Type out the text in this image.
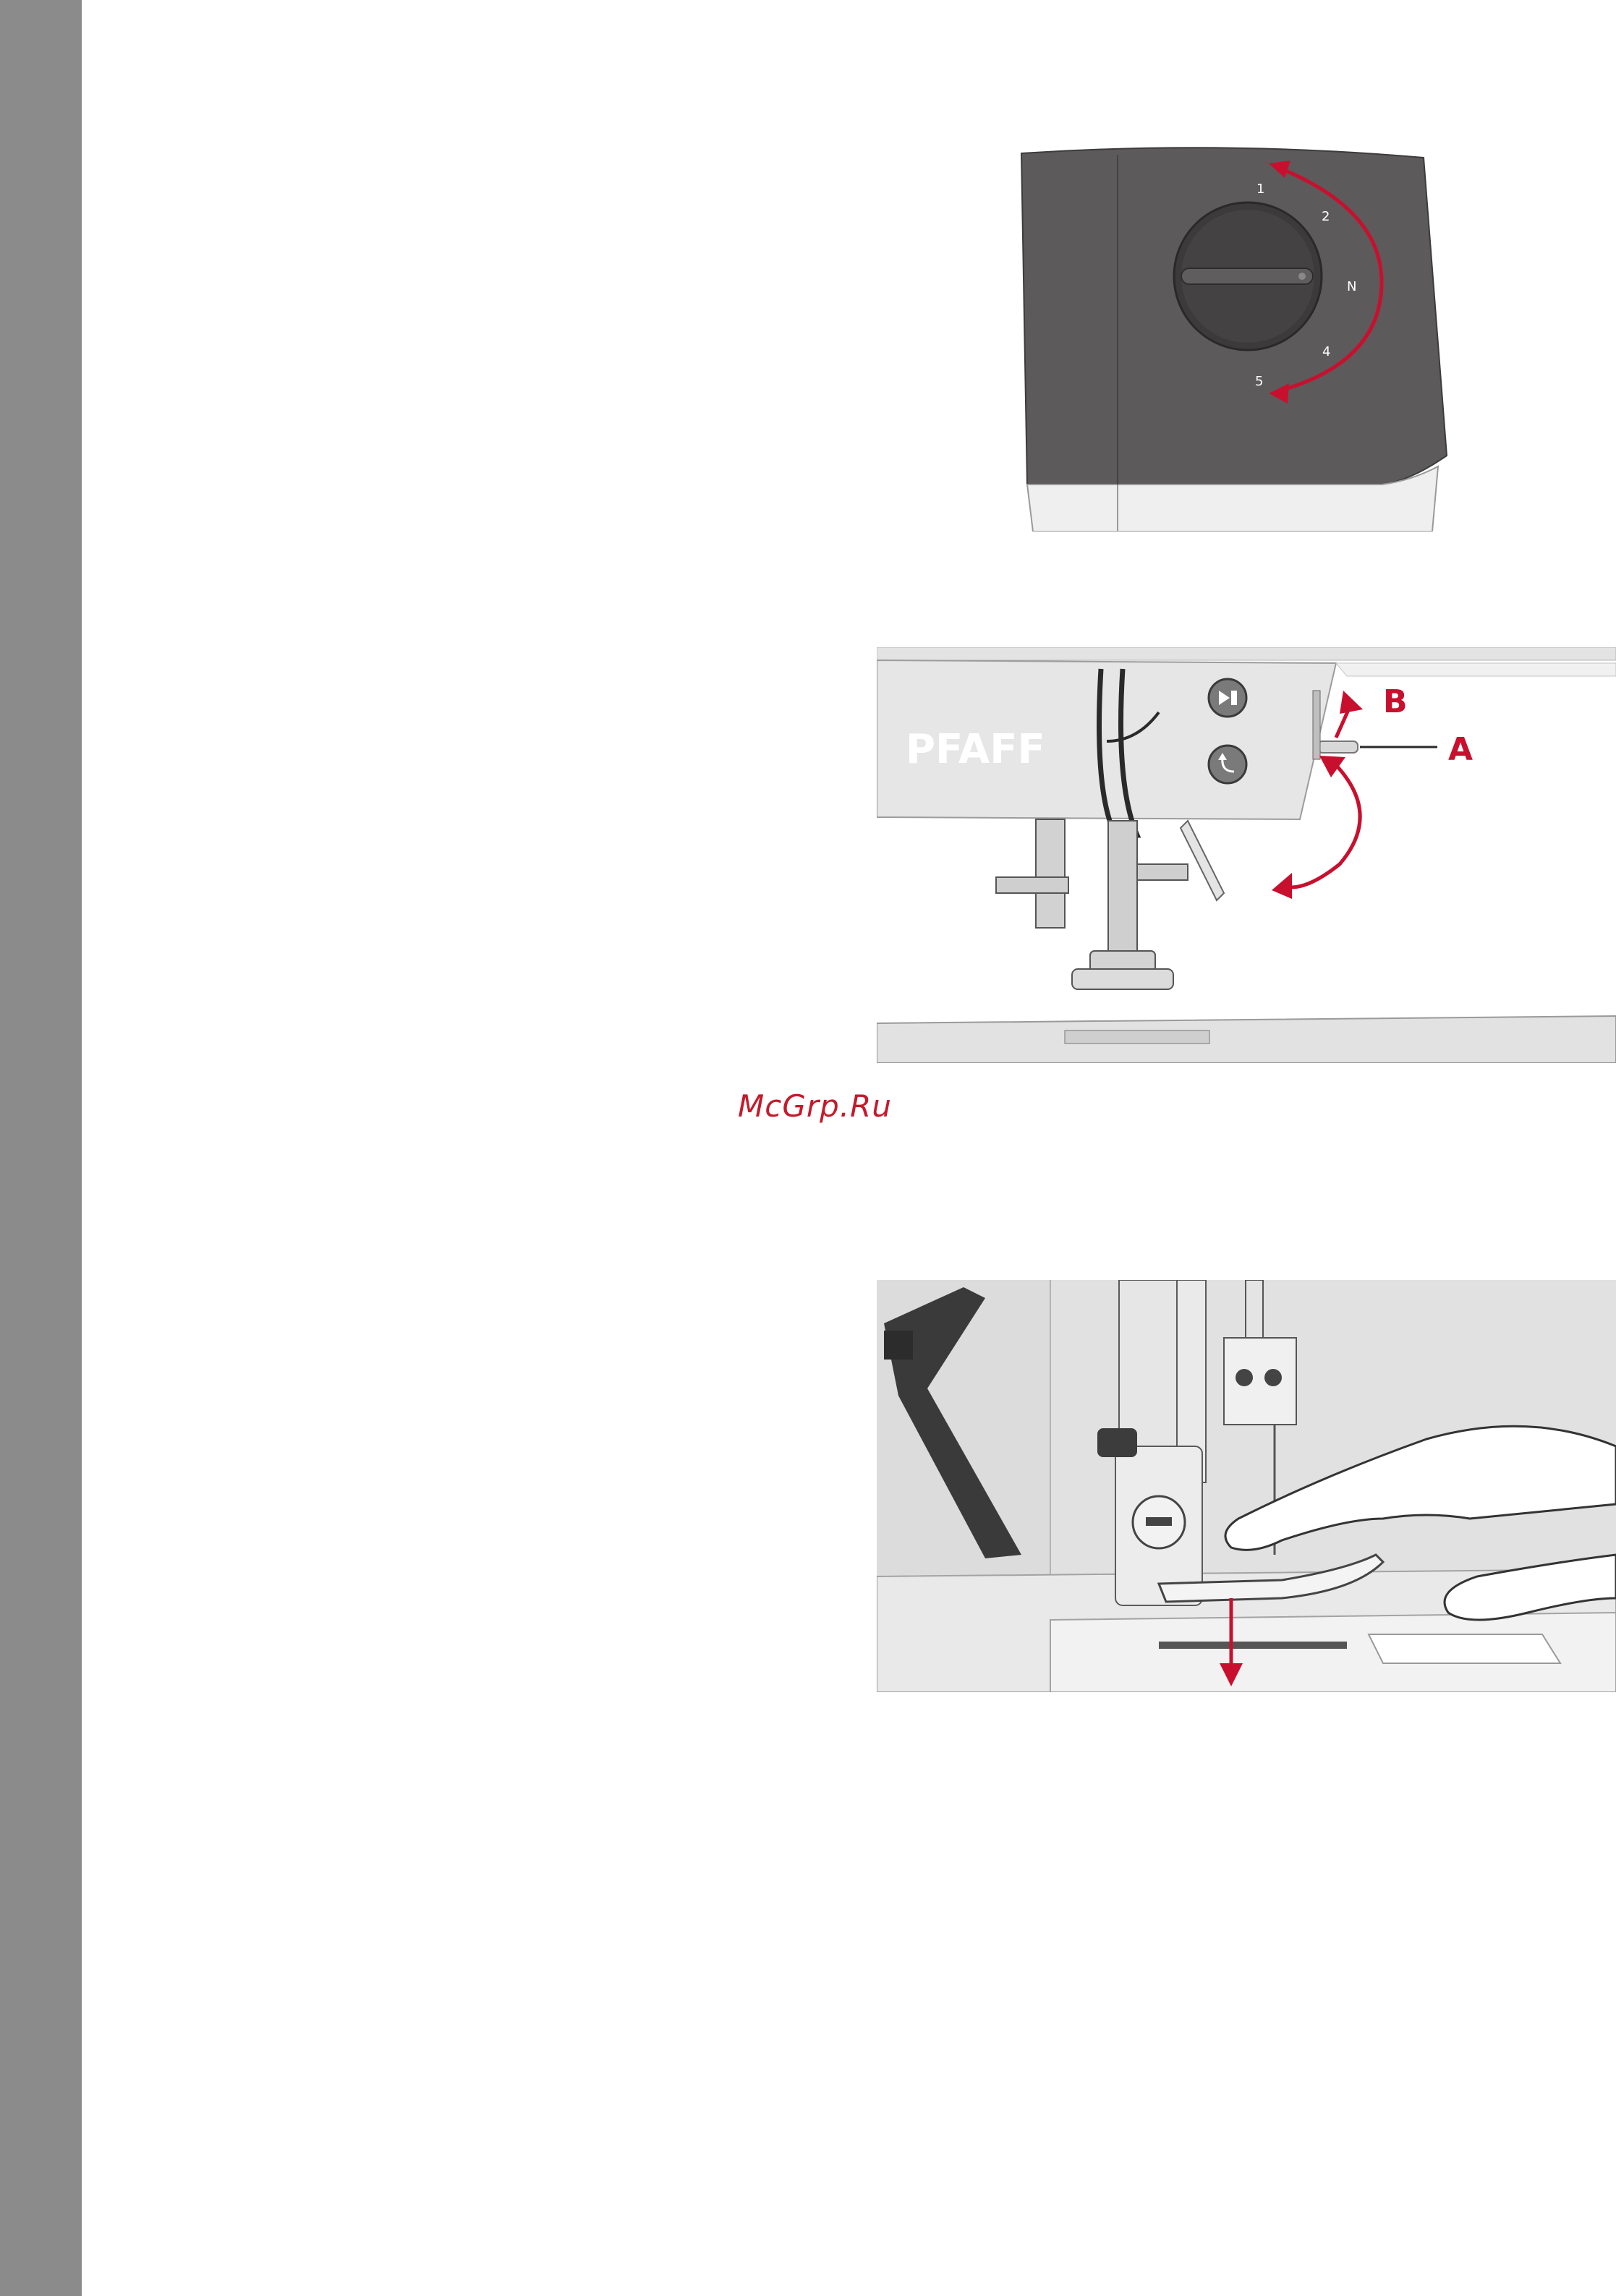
1
2
N
4
5
PFAFF	A
B
McGrp.Ru
